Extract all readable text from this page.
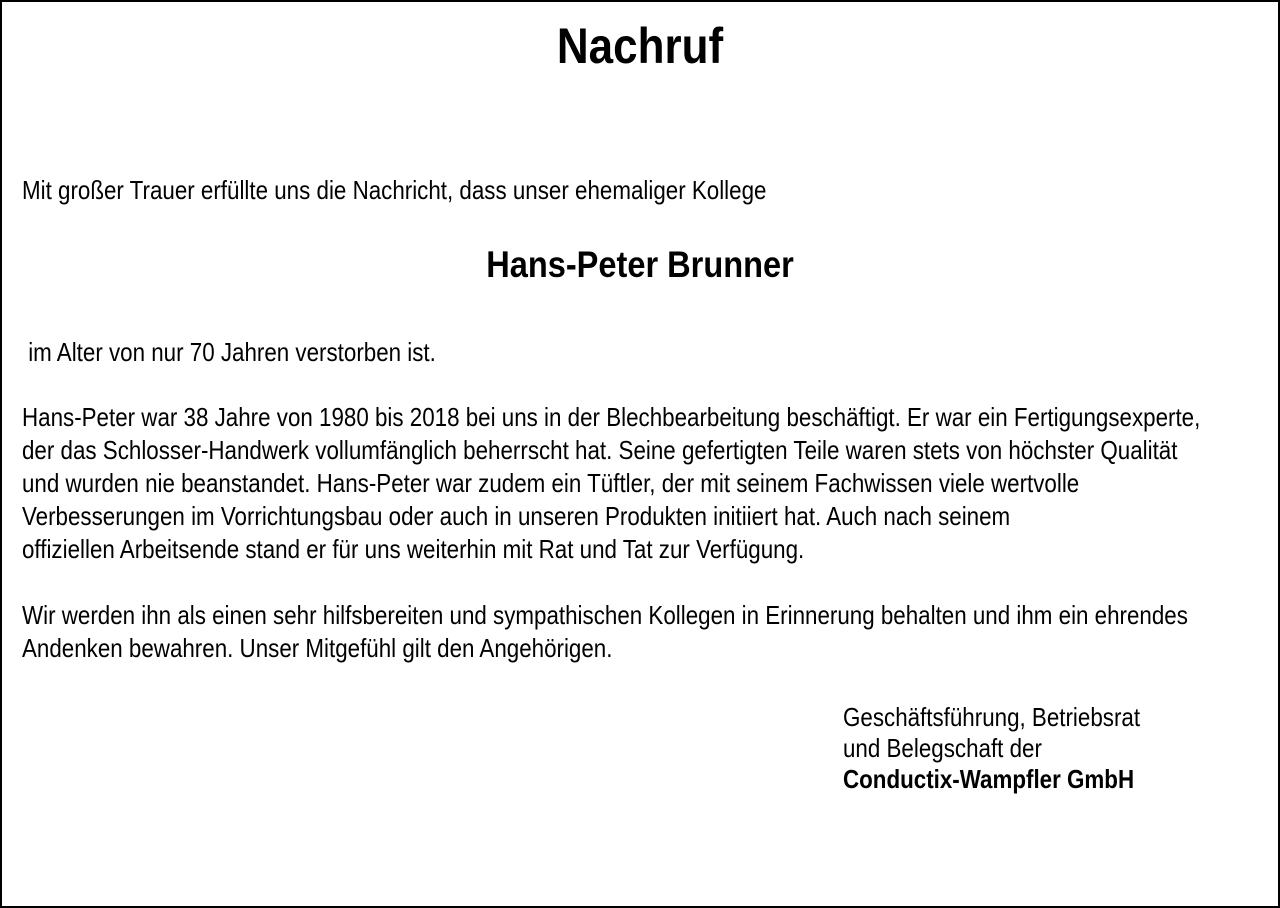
Nachruf

Mit großer Trauer erfüllte uns die Nachricht, dass unser ehemaliger Kollege

Hans-Peter Brunner

im Alter von nur 70 Jahren verstorben ist.

Hans-Peter war 38 Jahre von 1980 bis 2018 bei uns in der Blechbearbeitung beschäftigt. Er war ein Fertigungsexperte,
der das Schlosser-Handwerk vollumfänglich beherrscht hat. Seine gefertigten Teile waren stets von höchster Qualität
und wurden nie beanstandet. Hans-Peter war zudem ein Tüftler, der mit seinem Fachwissen viele wertvolle
Verbesserungen im Vorrichtungsbau oder auch in unseren Produkten initiiert hat. Auch nach seinem
offiziellen Arbeitsende stand er für uns weiterhin mit Rat und Tat zur Verfügung.
Wir werden ihn als einen sehr hilfsbereiten und sympathischen Kollegen in Erinnerung behalten und ihm ein ehrendes
Andenken bewahren. Unser Mitgefühl gilt den Angehörigen.
Geschäftsführung, Betriebsrat
und Belegschaft der
Conductix-Wampfler GmbH
